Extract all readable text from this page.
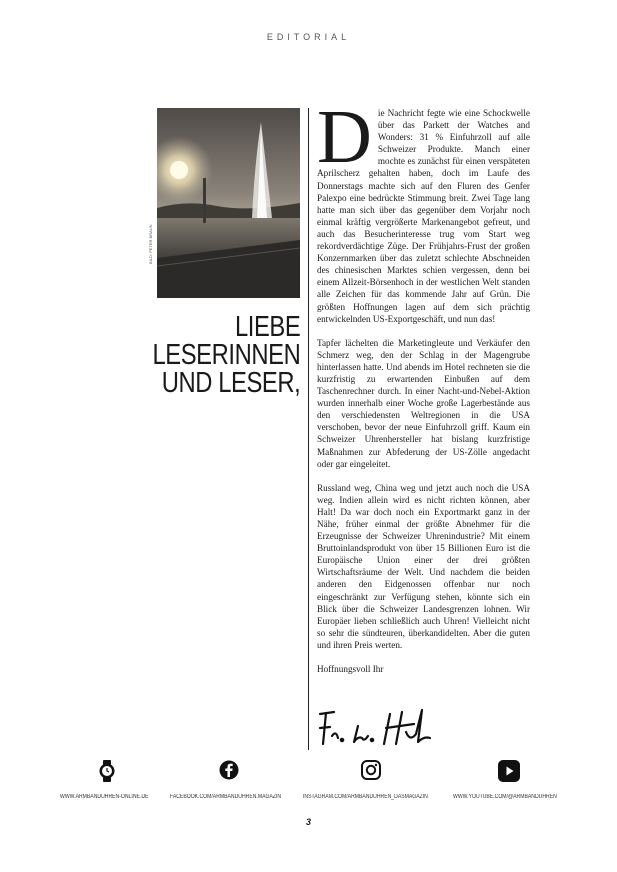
EDITORIAL
BILD: PETER BRAUN
LIEBE
LESERINNEN
UND LESER,

Die Nachricht fegte wie eine Schockwelle über das Parkett der Watches and Wonders: 31 % Einfuhrzoll auf alle Schweizer Produkte. Manch einer mochte es zunächst für einen verspäteten Aprilscherz gehalten haben, doch im Laufe des Donnerstags machte sich auf den Fluren des Genfer Palexpo eine bedrückte Stimmung breit. Zwei Tage lang hatte man sich über das gegenüber dem Vorjahr noch einmal kräftig vergrößerte Markenangebot gefreut, und auch das Besucherinteresse trug vom Start weg rekordverdächtige Züge. Der Frühjahrs-Frust der großen Konzernmarken über das zuletzt schlechte Abschneiden des chinesischen Marktes schien vergessen, denn bei einem Allzeit-Börsenhoch in der westlichen Welt standen alle Zeichen für das kommende Jahr auf Grün. Die größten Hoffnungen lagen auf dem sich prächtig entwickelnden US-Exportgeschäft, und nun das!

Tapfer lächelten die Marketingleute und Verkäufer den Schmerz weg, den der Schlag in der Magengrube hinterlassen hatte. Und abends im Hotel rechneten sie die kurzfristig zu erwartenden Einbußen auf dem Taschenrechner durch. In einer Nacht-und-Nebel-Aktion wurden innerhalb einer Woche große Lagerbestände aus den verschiedensten Weltregionen in die USA verschoben, bevor der neue Einfuhrzoll griff. Kaum ein Schweizer Uhrenhersteller hat bislang kurzfristige Maßnahmen zur Abfederung der US-Zölle angedacht oder gar eingeleitet.

Russland weg, China weg und jetzt auch noch die USA weg. Indien allein wird es nicht richten können, aber Halt! Da war doch noch ein Exportmarkt ganz in der Nähe, früher einmal der größte Abnehmer für die Erzeugnisse der Schweizer Uhrenindustrie? Mit einem Bruttoinlandsprodukt von über 15 Billionen Euro ist die Europäische Union einer der drei größten Wirtschaftsräume der Welt. Und nachdem die beiden anderen den Eidgenossen offenbar nur noch eingeschränkt zur Verfügung stehen, könnte sich ein Blick über die Schweizer Landesgrenzen lohnen. Wir Europäer lieben schließlich auch Uhren! Vielleicht nicht so sehr die sündteuren, überkandidelten. Aber die guten und ihren Preis werten.

Hoffnungsvoll Ihr

WWW.ARMBANDUHREN-ONLINE.DE	FACEBOOK.COM/ARMBANDUHREN.MAGAZIN	INSTAGRAM.COM/ARMBANDUHREN_DASMAGAZIN	WWW.YOUTUBE.COM/@ARMBANDUHREN
3
